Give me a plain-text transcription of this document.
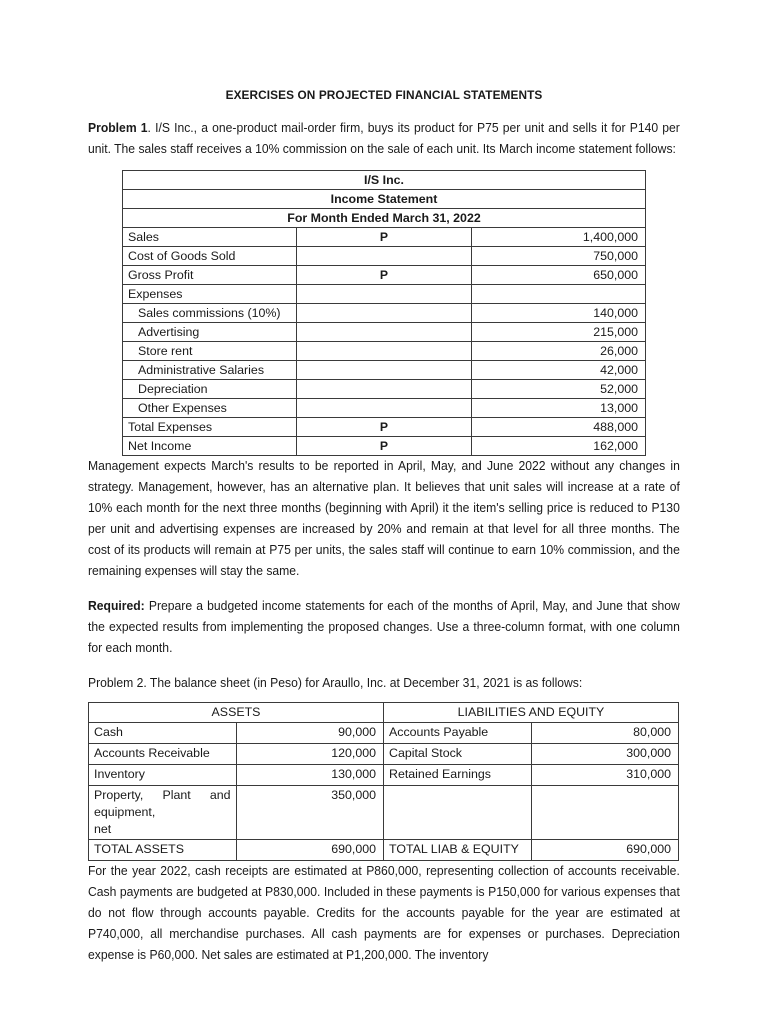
EXERCISES ON PROJECTED FINANCIAL STATEMENTS

Problem 1. I/S Inc., a one-product mail-order firm, buys its product for P75 per unit and sells it for P140 per unit. The sales staff receives a 10% commission on the sale of each unit. Its March income statement follows:

I/S Inc.		
Income Statement		
For Month Ended March 31, 2022		
Sales	P	1,400,000
Cost of Goods Sold		750,000
Gross Profit	P	650,000
Expenses		
Sales commissions (10%)		140,000
Advertising		215,000
Store rent		26,000
Administrative Salaries		42,000
Depreciation		52,000
Other Expenses		13,000
Total Expenses	P	488,000
Net Income	P	162,000

Management expects March's results to be reported in April, May, and June 2022 without any changes in strategy. Management, however, has an alternative plan. It believes that unit sales will increase at a rate of 10% each month for the next three months (beginning with April) it the item's selling price is reduced to P130 per unit and advertising expenses are increased by 20% and remain at that level for all three months. The cost of its products will remain at P75 per units, the sales staff will continue to earn 10% commission, and the remaining expenses will stay the same.

Required: Prepare a budgeted income statements for each of the months of April, May, and June that show the expected results from implementing the proposed changes. Use a three-column format, with one column for each month.

Problem 2. The balance sheet (in Peso) for Araullo, Inc. at December 31, 2021 is as follows:

ASSETS		LIABILITIES AND EQUITY	
Cash	90,000	Accounts Payable	80,000
Accounts Receivable	120,000	Capital Stock	300,000
Inventory	130,000	Retained Earnings	310,000
Property, Plant and equipment,
net	350,000		
TOTAL ASSETS	690,000	TOTAL LIAB & EQUITY	690,000

For the year 2022, cash receipts are estimated at P860,000, representing collection of accounts receivable. Cash payments are budgeted at P830,000. Included in these payments is P150,000 for various expenses that do not flow through accounts payable. Credits for the accounts payable for the year are estimated at P740,000, all merchandise purchases. All cash payments are for expenses or purchases. Depreciation expense is P60,000. Net sales are estimated at P1,200,000. The inventory
